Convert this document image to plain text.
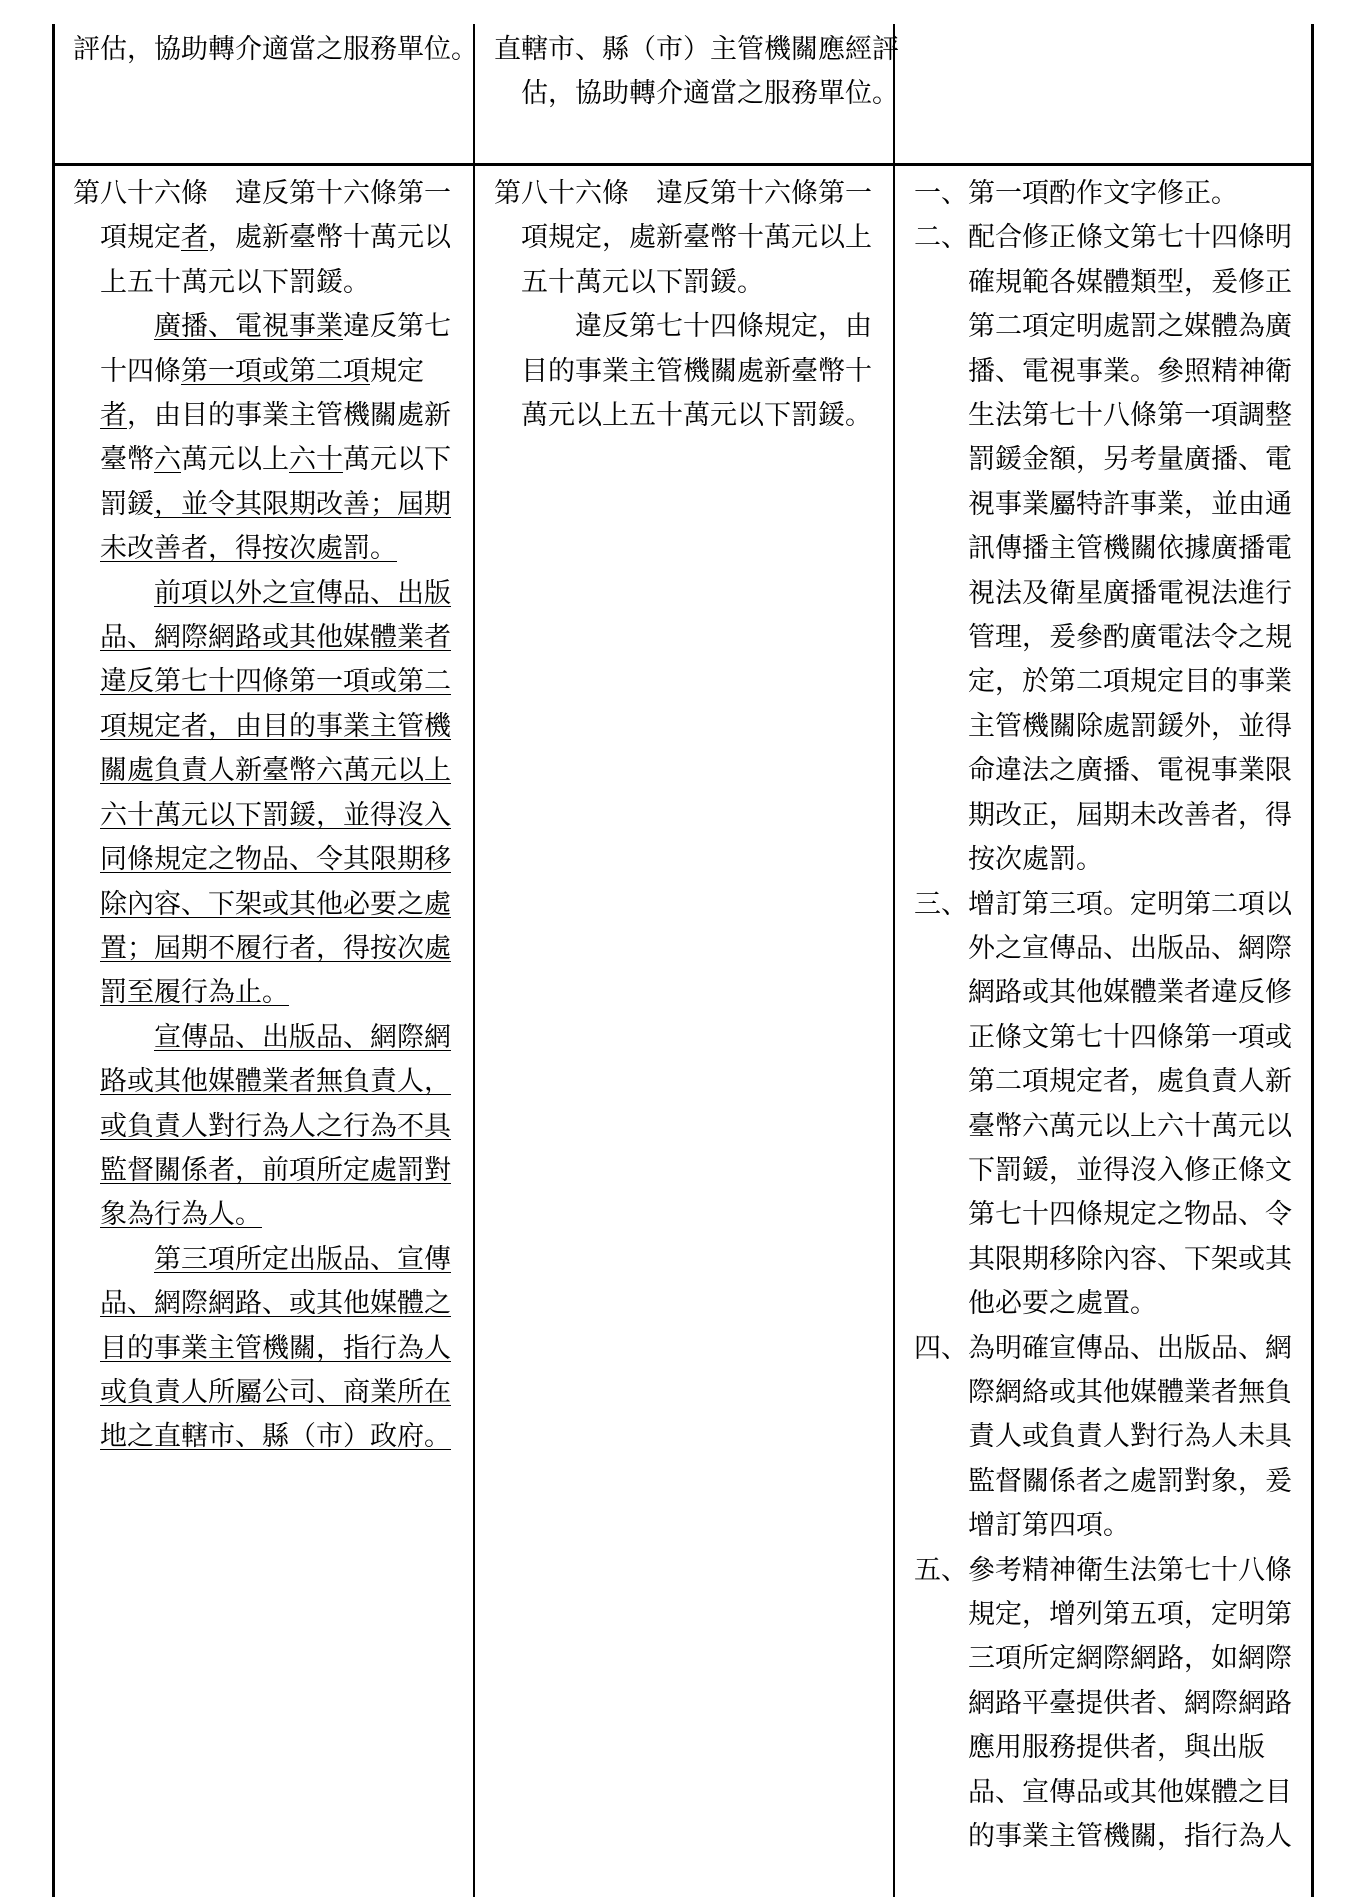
評估，協助轉介適當之服務單位。 直轄市、縣（市）主管機關應經評估，協助轉介適當之服務單位。
第八十六條　違反第十六條第一項規定者，處新臺幣十萬元以上五十萬元以下罰鍰。
廣播、電視事業違反第七十四條第一項或第二項規定者，由目的事業主管機關處新臺幣六萬元以上六十萬元以下罰鍰，並令其限期改善；屆期未改善者，得按次處罰。
前項以外之宣傳品、出版品、網際網路或其他媒體業者違反第七十四條第一項或第二項規定者，由目的事業主管機關處負責人新臺幣六萬元以上六十萬元以下罰鍰，並得沒入同條規定之物品、令其限期移除內容、下架或其他必要之處置；屆期不履行者，得按次處罰至履行為止。
宣傳品、出版品、網際網路或其他媒體業者無負責人，或負責人對行為人之行為不具監督關係者，前項所定處罰對象為行為人。
第三項所定出版品、宣傳品、網際網路、或其他媒體之目的事業主管機關，指行為人或負責人所屬公司、商業所在地之直轄市、縣（市）政府。
第八十六條　違反第十六條第一項規定，處新臺幣十萬元以上五十萬元以下罰鍰。
違反第七十四條規定，由目的事業主管機關處新臺幣十萬元以上五十萬元以下罰鍰。
一、第一項酌作文字修正。
二、配合修正條文第七十四條明確規範各媒體類型，爰修正第二項定明處罰之媒體為廣播、電視事業。參照精神衛生法第七十八條第一項調整罰鍰金額，另考量廣播、電視事業屬特許事業，並由通訊傳播主管機關依據廣播電視法及衛星廣播電視法進行管理，爰參酌廣電法令之規定，於第二項規定目的事業主管機關除處罰鍰外，並得命違法之廣播、電視事業限期改正，屆期未改善者，得按次處罰。
三、增訂第三項。定明第二項以外之宣傳品、出版品、網際網路或其他媒體業者違反修正條文第七十四條第一項或第二項規定者，處負責人新臺幣六萬元以上六十萬元以下罰鍰，並得沒入修正條文第七十四條規定之物品、令其限期移除內容、下架或其他必要之處置。
四、為明確宣傳品、出版品、網際網絡或其他媒體業者無負責人或負責人對行為人未具監督關係者之處罰對象，爰增訂第四項。
五、參考精神衛生法第七十八條規定，增列第五項，定明第三項所定網際網路，如網際網路平臺提供者、網際網路應用服務提供者，與出版品、宣傳品或其他媒體之目的事業主管機關，指行為人
